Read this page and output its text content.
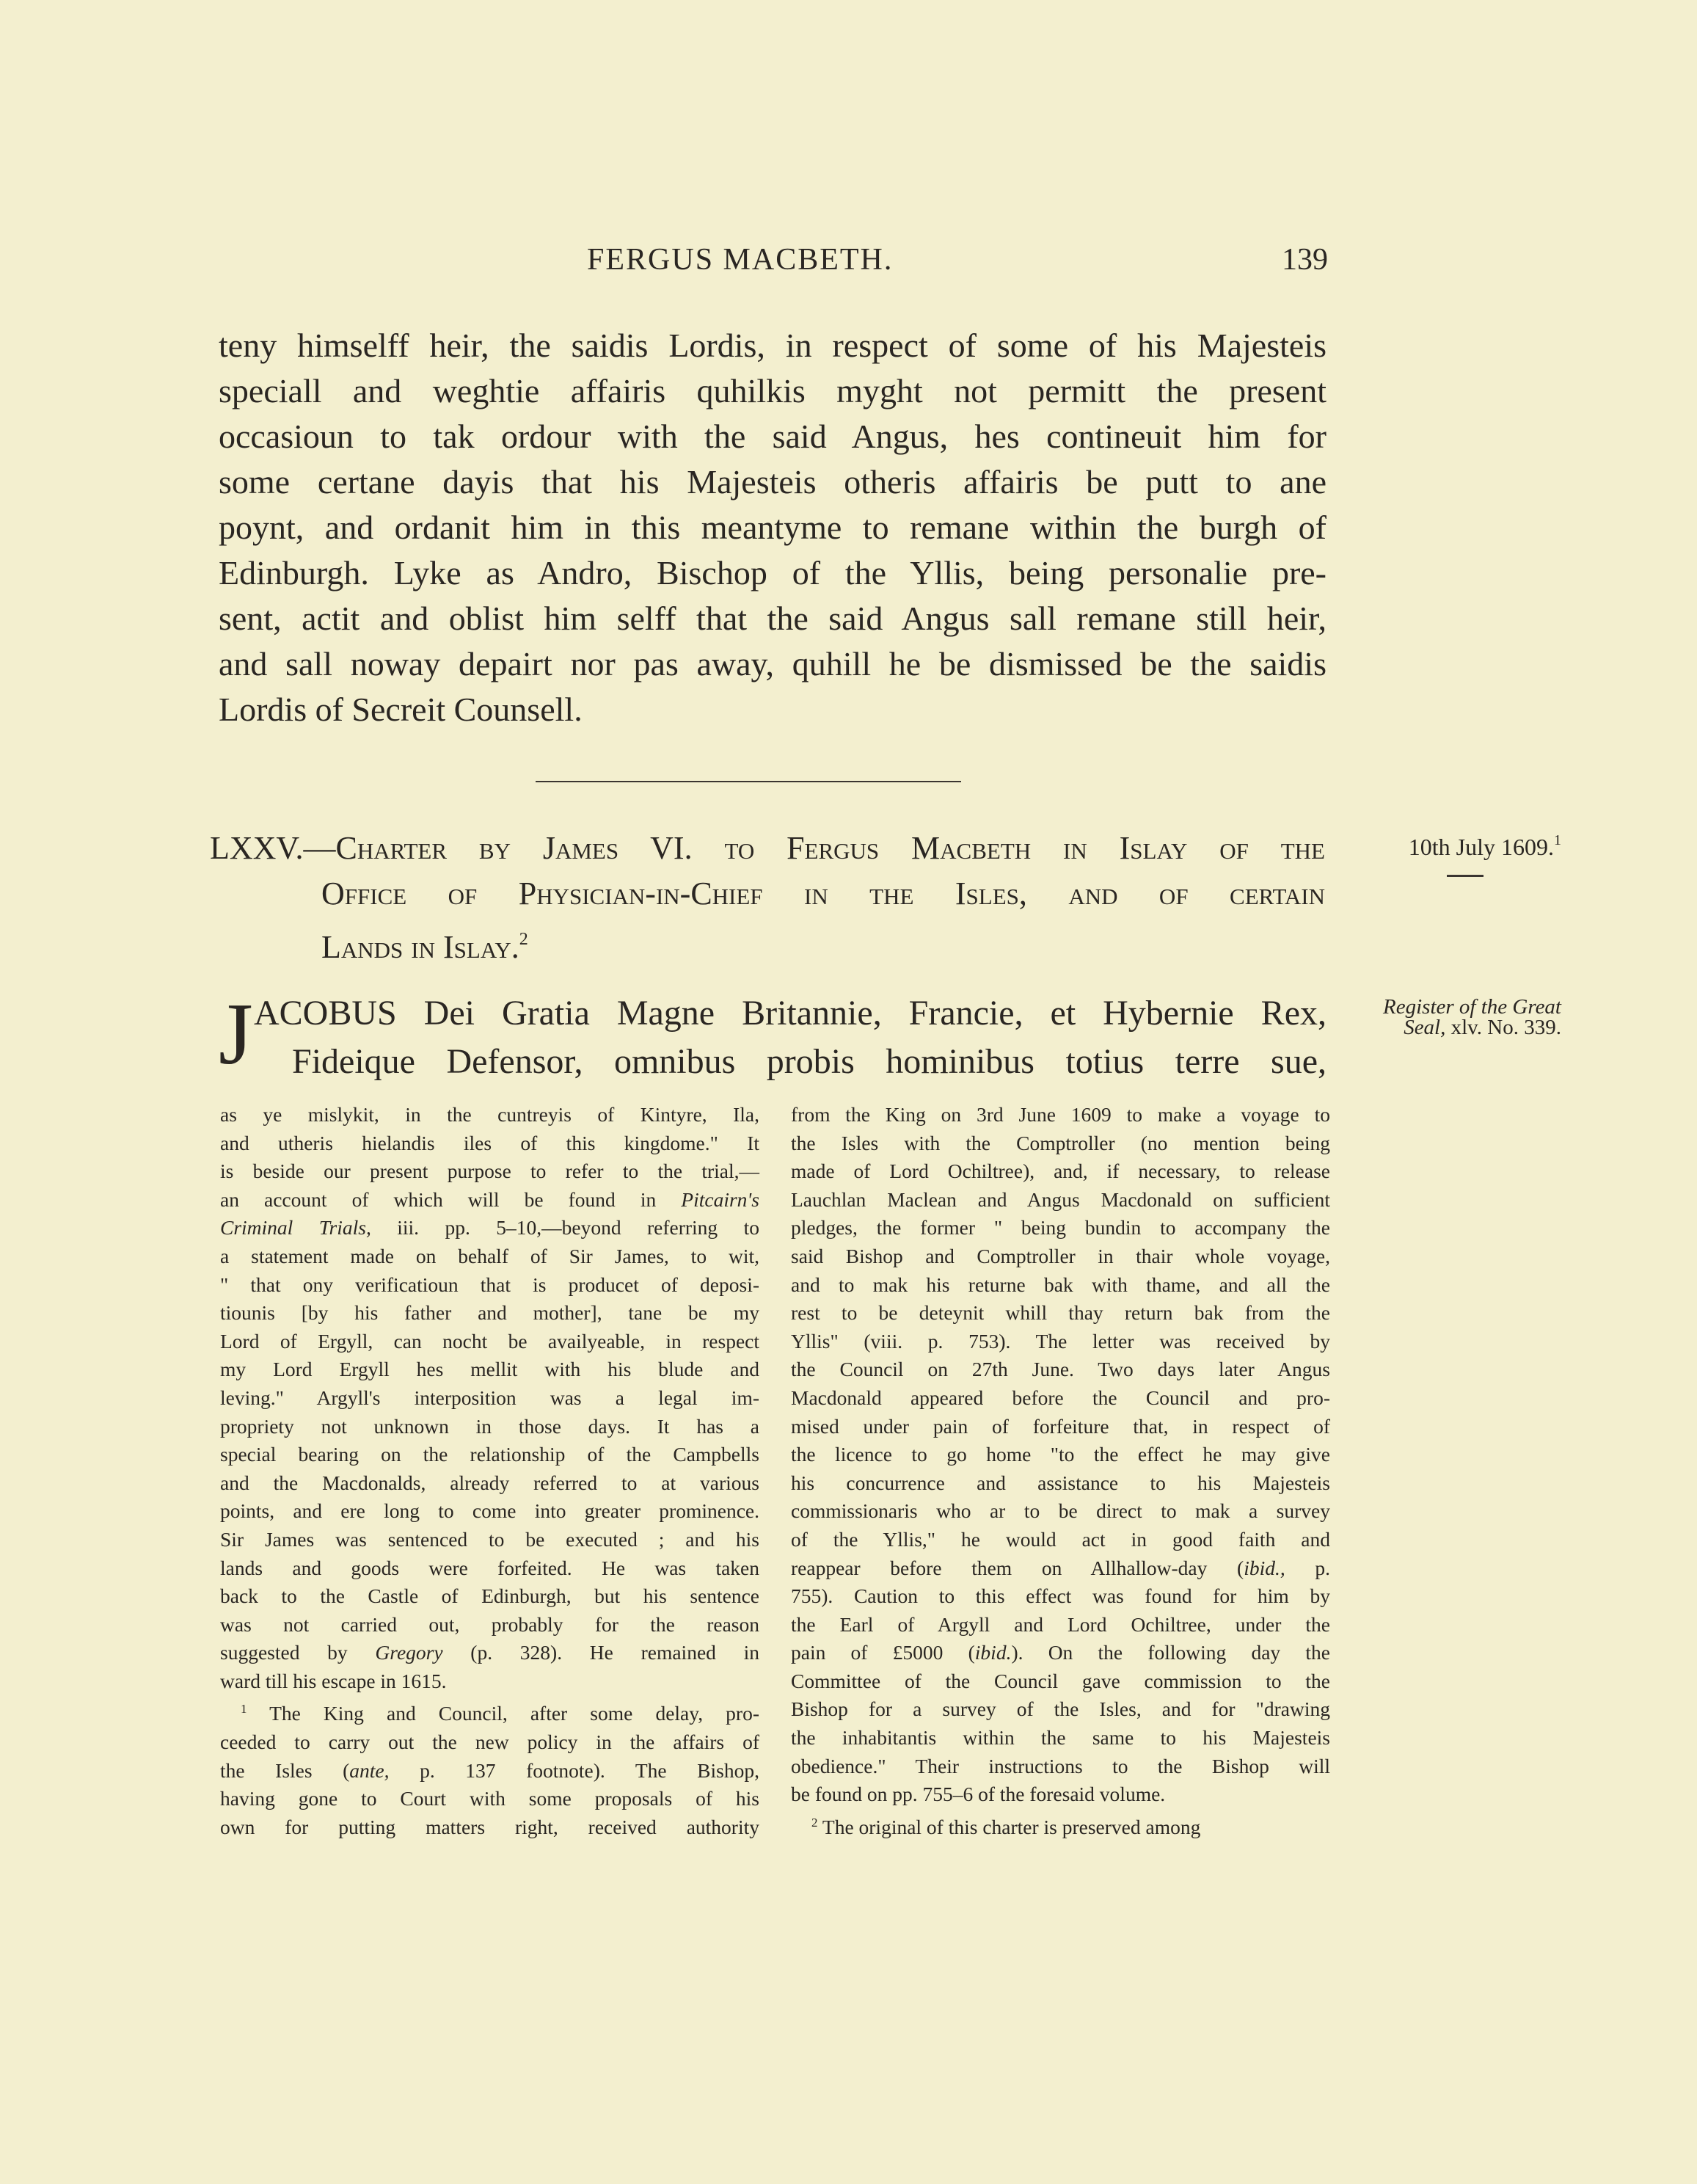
FERGUS MACBETH.	139
teny himselff heir, the saidis Lordis, in respect of some of his Majesteis
speciall and weghtie affairis quhilkis myght not permitt the present
occasioun to tak ordour with the said Angus, hes contineuit him for
some certane dayis that his Majesteis otheris affairis be putt to ane
poynt, and ordanit him in this meantyme to remane within the burgh of
Edinburgh. Lyke as Andro, Bischop of the Yllis, being personalie pre-
sent, actit and oblist him selff that the said Angus sall remane still heir,
and sall noway depairt nor pas away, quhill he be dismissed be the saidis
Lordis of Secreit Counsell.
LXXV.—Charter by James VI. to Fergus Macbeth in Islay of the
Office of Physician-in-Chief in the Isles, and of certain
Lands in Islay.$^2$
10th July 1609.$^1$
Register of the Great
Seal, xlv. No. 339.
J ACOBUS Dei Gratia Magne Britannie, Francie, et Hybernie Rex,
Fideique Defensor, omnibus probis hominibus totius terre sue,
as ye mislykit, in the cuntreyis of Kintyre, Ila,
and utheris hielandis iles of this kingdome." It
is beside our present purpose to refer to the trial,—
an account of which will be found in Pitcairn's
Criminal Trials, iii. pp. 5–10,—beyond referring to
a statement made on behalf of Sir James, to wit,
" that ony verificatioun that is producet of deposi-
tiounis [by his father and mother], tane be my
Lord of Ergyll, can nocht be availyeable, in respect
my Lord Ergyll hes mellit with his blude and
leving." Argyll's interposition was a legal im-
propriety not unknown in those days. It has a
special bearing on the relationship of the Campbells
and the Macdonalds, already referred to at various
points, and ere long to come into greater prominence.
Sir James was sentenced to be executed ; and his
lands and goods were forfeited. He was taken
back to the Castle of Edinburgh, but his sentence
was not carried out, probably for the reason
suggested by Gregory (p. 328). He remained in
ward till his escape in 1615.
$^1$ The King and Council, after some delay, pro-
ceeded to carry out the new policy in the affairs of
the Isles (ante, p. 137 footnote). The Bishop,
having gone to Court with some proposals of his
own for putting matters right, received authority
from the King on 3rd June 1609 to make a voyage to
the Isles with the Comptroller (no mention being
made of Lord Ochiltree), and, if necessary, to release
Lauchlan Maclean and Angus Macdonald on sufficient
pledges, the former " being bundin to accompany the
said Bishop and Comptroller in thair whole voyage,
and to mak his returne bak with thame, and all the
rest to be deteynit whill thay return bak from the
Yllis" (viii. p. 753). The letter was received by
the Council on 27th June. Two days later Angus
Macdonald appeared before the Council and pro-
mised under pain of forfeiture that, in respect of
the licence to go home "to the effect he may give
his concurrence and assistance to his Majesteis
commissionaris who ar to be direct to mak a survey
of the Yllis," he would act in good faith and
reappear before them on Allhallow-day (ibid., p.
755). Caution to this effect was found for him by
the Earl of Argyll and Lord Ochiltree, under the
pain of £5000 (ibid.). On the following day the
Committee of the Council gave commission to the
Bishop for a survey of the Isles, and for "drawing
the inhabitantis within the same to his Majesteis
obedience." Their instructions to the Bishop will
be found on pp. 755–6 of the foresaid volume.
$^2$ The original of this charter is preserved among
